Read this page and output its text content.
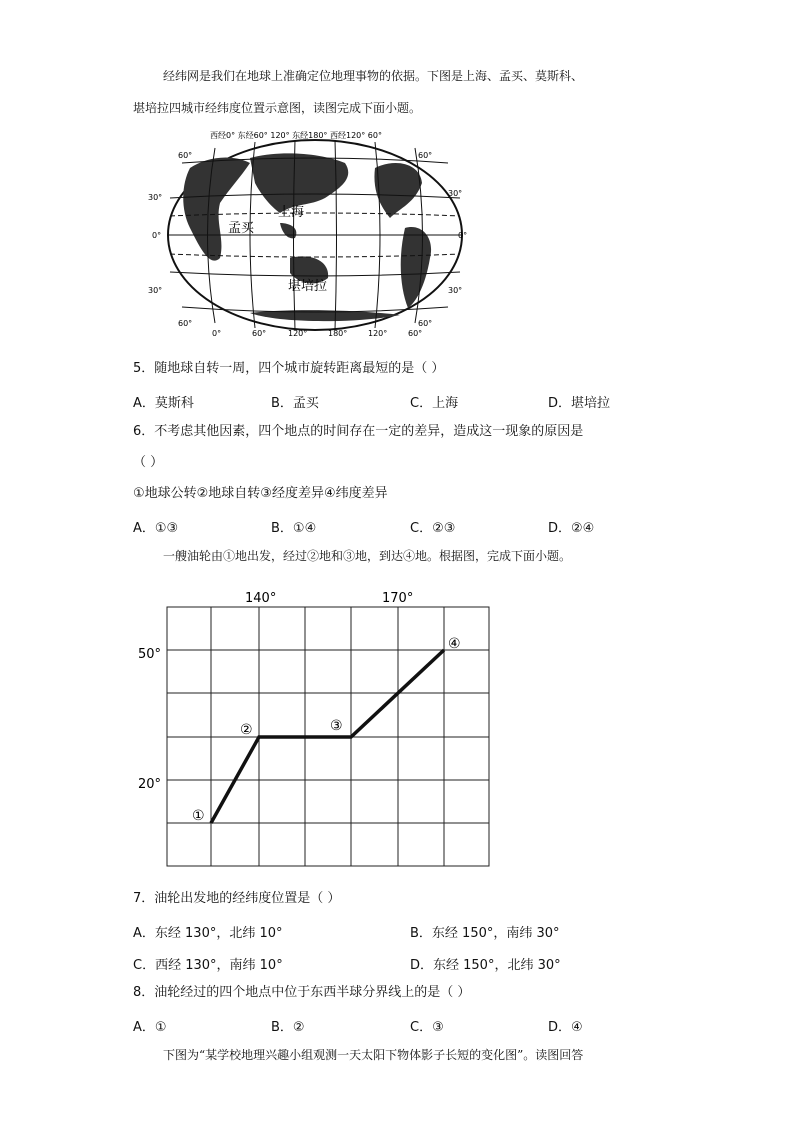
经纬网是我们在地球上准确定位地理事物的依据。下图是上海、孟买、莫斯科、
堪培拉四城市经纬度位置示意图，读图完成下面小题。
西经0° 东经60° 120° 东经180° 西经120° 60°
60°	60°
30°	30°
0°	0°
30°	30°
60°	60°
0°	60°	120°	180°	120°	60°
上海
孟买
堪培拉
5．随地球自转一周，四个城市旋转距离最短的是（ ）
A．莫斯科	B．孟买	C．上海	D．堪培拉
6．不考虑其他因素，四个地点的时间存在一定的差异，造成这一现象的原因是
（ ）
①地球公转②地球自转③经度差异④纬度差异
A．①③	B．①④	C．②③	D．②④
一艘油轮由①地出发，经过②地和③地，到达④地。根据图，完成下面小题。
140°	170°
50°
20°
①
②	③
④
7．油轮出发地的经纬度位置是（ ）
A．东经 130°，北纬 10°	B．东经 150°，南纬 30°
C．西经 130°，南纬 10°	D．东经 150°，北纬 30°
8．油轮经过的四个地点中位于东西半球分界线上的是（ ）
A．①	B．②	C．③	D．④
下图为“某学校地理兴趣小组观测一天太阳下物体影子长短的变化图”。读图回答
